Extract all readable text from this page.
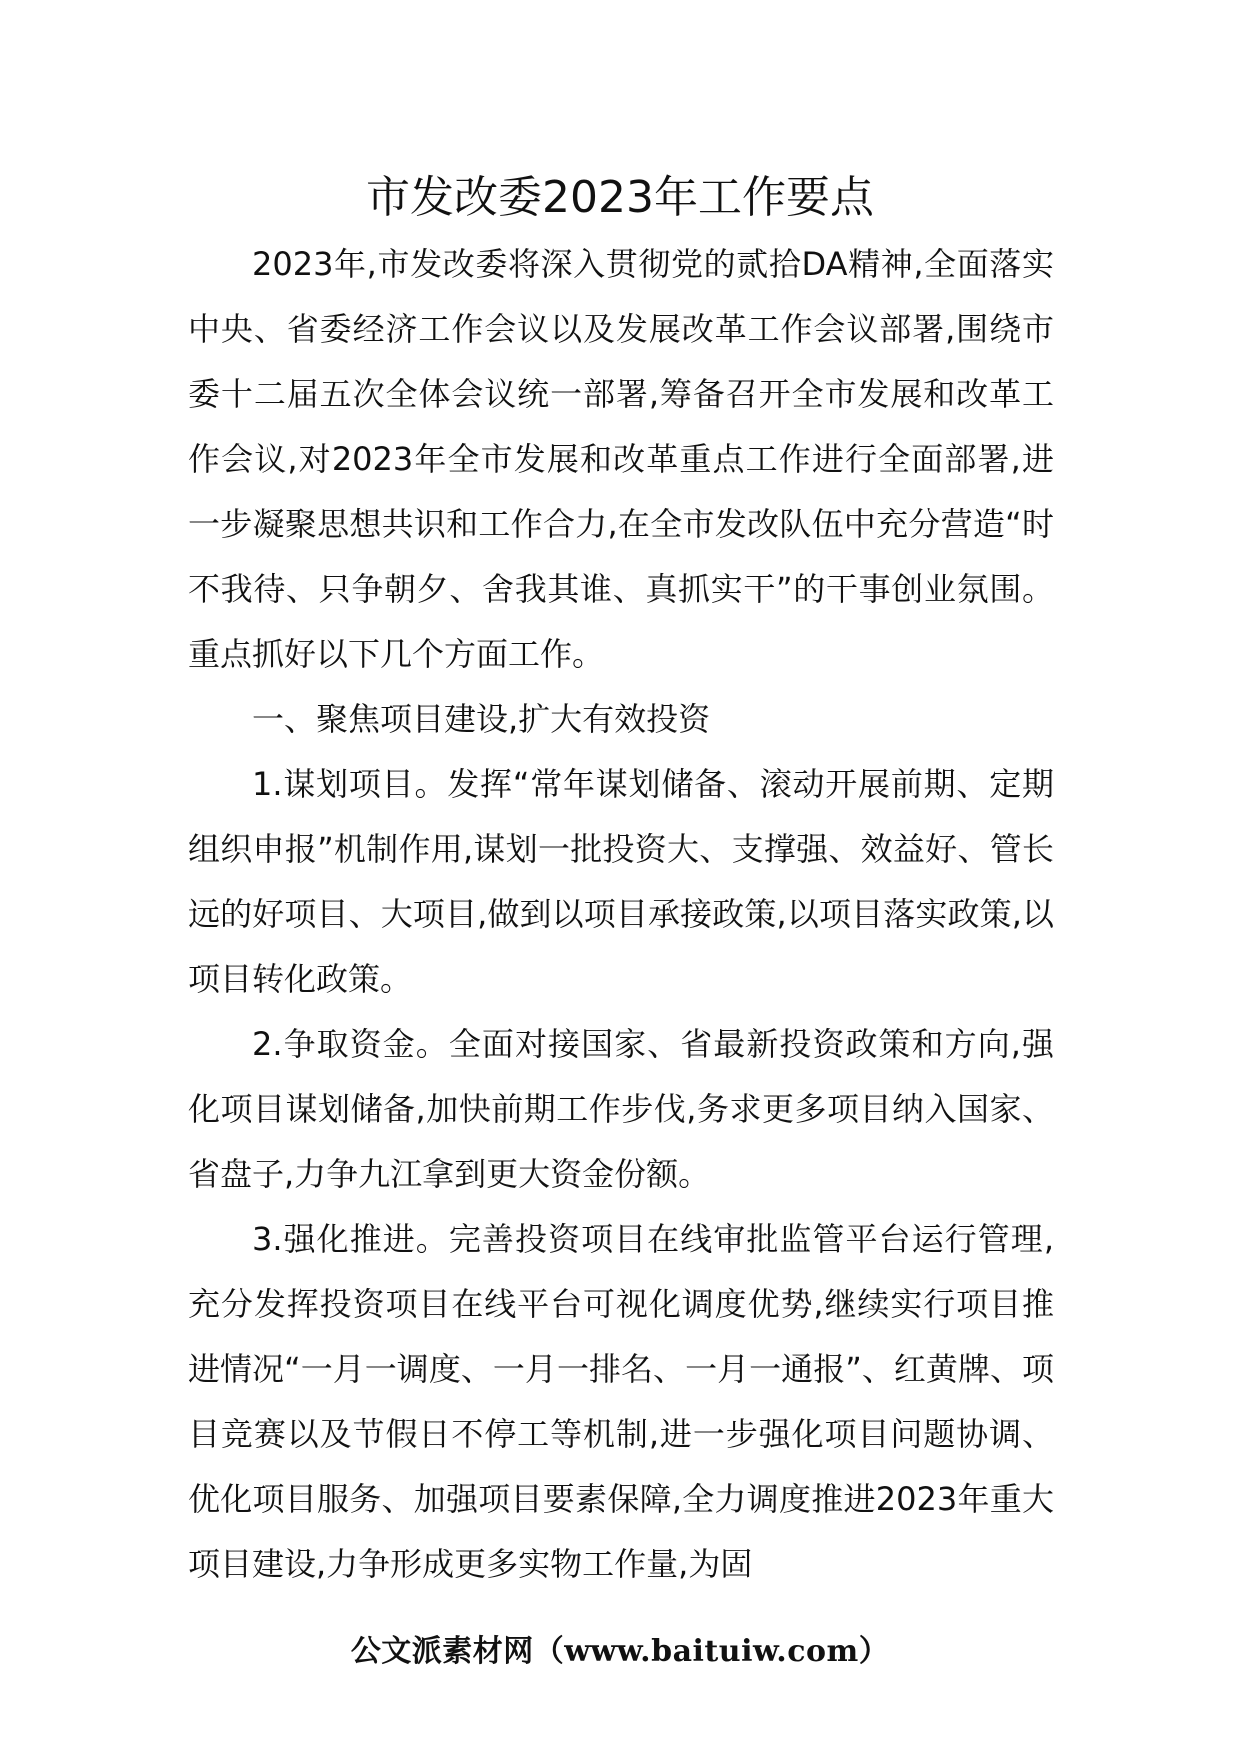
市发改委2023年工作要点

2023年,市发改委将深入贯彻党的贰拾DA精神,全面落实中央、省委经济工作会议以及发展改革工作会议部署,围绕市委十二届五次全体会议统一部署,筹备召开全市发展和改革工作会议,对2023年全市发展和改革重点工作进行全面部署,进一步凝聚思想共识和工作合力,在全市发改队伍中充分营造“时不我待、只争朝夕、舍我其谁、真抓实干”的干事创业氛围。重点抓好以下几个方面工作。

一、聚焦项目建设,扩大有效投资

1.谋划项目。发挥“常年谋划储备、滚动开展前期、定期组织申报”机制作用,谋划一批投资大、支撑强、效益好、管长远的好项目、大项目,做到以项目承接政策,以项目落实政策,以项目转化政策。

2.争取资金。全面对接国家、省最新投资政策和方向,强化项目谋划储备,加快前期工作步伐,务求更多项目纳入国家、省盘子,力争九江拿到更大资金份额。

3.强化推进。完善投资项目在线审批监管平台运行管理,充分发挥投资项目在线平台可视化调度优势,继续实行项目推进情况“一月一调度、一月一排名、一月一通报”、红黄牌、项目竞赛以及节假日不停工等机制,进一步强化项目问题协调、优化项目服务、加强项目要素保障,全力调度推进2023年重大项目建设,力争形成更多实物工作量,为固

公文派素材网（www.baituiw.com）
